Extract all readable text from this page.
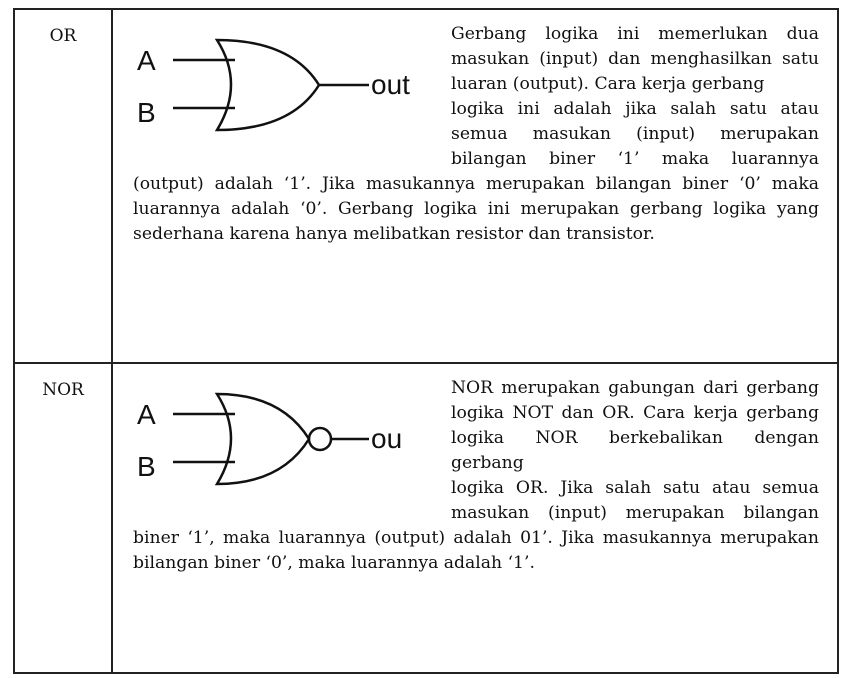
OR	A
B
out

Gerbang logika ini memerlukan dua masukan (input) dan menghasilkan satu luaran (output). Cara kerja gerbang
logika ini adalah jika salah satu atau semua masukan (input) merupakan bilangan biner ‘1’ maka luarannya (output) adalah ‘1’. Jika masukannya merupakan bilangan biner ‘0’ maka luarannya adalah ‘0’. Gerbang logika ini merupakan gerbang logika yang sederhana karena hanya melibatkan resistor dan transistor.

NOR	A
B
ou

NOR merupakan gabungan dari gerbang logika NOT dan OR. Cara kerja gerbang logika NOR berkebalikan dengan gerbang
logika OR. Jika salah satu atau semua masukan (input) merupakan bilangan biner ‘1’, maka luarannya (output) adalah 01’. Jika masukannya merupakan bilangan biner ‘0’, maka luarannya adalah ‘1’.
